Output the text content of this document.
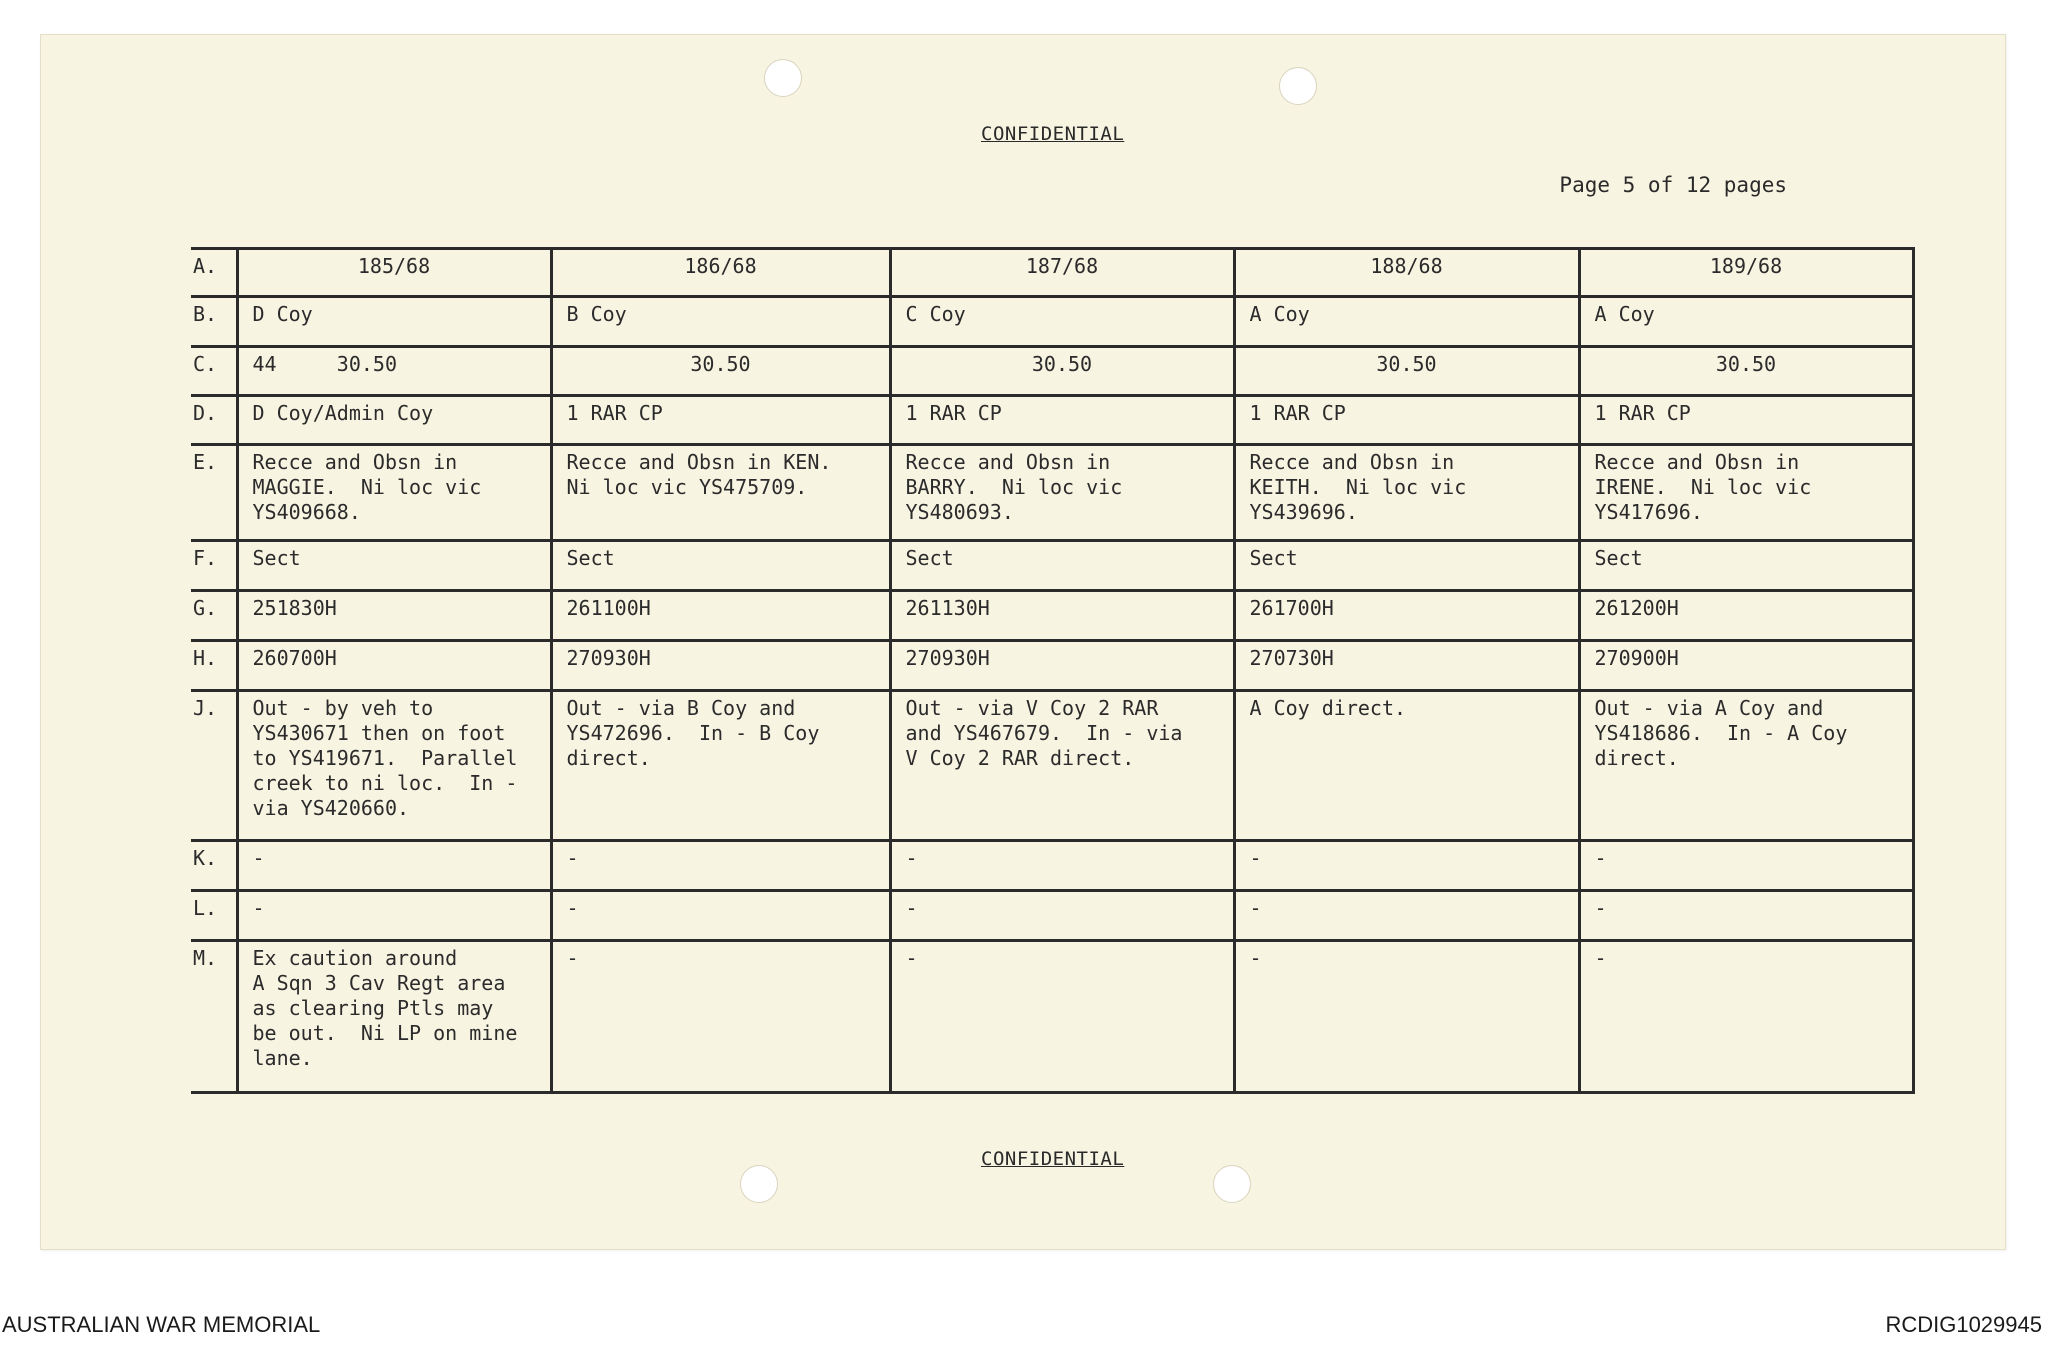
CONFIDENTIAL
Page 5 of 12 pages
A.	185/68	186/68	187/68	188/68	189/68
B.	D Coy	B Coy	C Coy	A Coy	A Coy
C.	44     30.50	30.50	30.50	30.50	30.50
D.	D Coy/Admin Coy	1 RAR CP	1 RAR CP	1 RAR CP	1 RAR CP
E.	Recce and Obsn in
MAGGIE.  Ni loc vic
YS409668.	Recce and Obsn in KEN.
Ni loc vic YS475709.	Recce and Obsn in
BARRY.  Ni loc vic
YS480693.	Recce and Obsn in
KEITH.  Ni loc vic
YS439696.	Recce and Obsn in
IRENE.  Ni loc vic
YS417696.
F.	Sect	Sect	Sect	Sect	Sect
G.	251830H	261100H	261130H	261700H	261200H
H.	260700H	270930H	270930H	270730H	270900H
J.	Out - by veh to
YS430671 then on foot
to YS419671.  Parallel
creek to ni loc.  In -
via YS420660.	Out - via B Coy and
YS472696.  In - B Coy
direct.	Out - via V Coy 2 RAR
and YS467679.  In - via
V Coy 2 RAR direct.	A Coy direct.	Out - via A Coy and
YS418686.  In - A Coy
direct.
K.	-	-	-	-	-
L.	-	-	-	-	-
M.	Ex caution around
A Sqn 3 Cav Regt area
as clearing Ptls may
be out.  Ni LP on mine
lane.	-	-	-	-
CONFIDENTIAL
AUSTRALIAN WAR MEMORIAL	RCDIG1029945
